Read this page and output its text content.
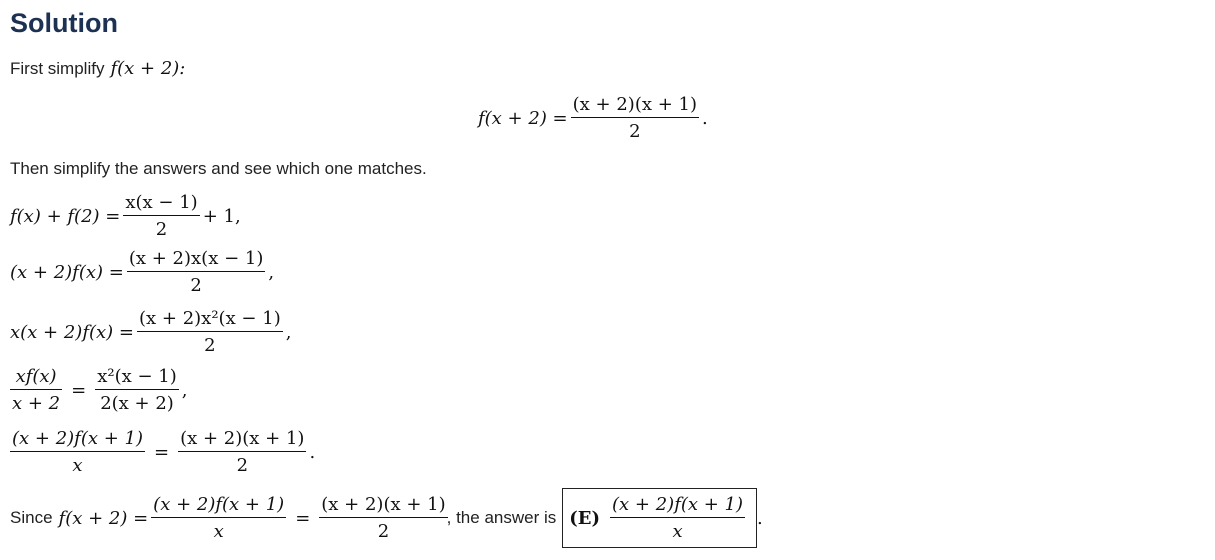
Solution
First simplify f(x + 2):
$f(x + 2) = \frac{(x + 2)(x + 1)}{2}$ .
Then simplify the answers and see which one matches.
$f(x) + f(2) = \frac{x(x - 1)}{2} + 1$,
$(x + 2)f(x) = \frac{(x + 2)x(x - 1)}{2}$ ,
$x(x + 2)f(x) = \frac{\text{(x + 2)x²(x − 1)}}{2}$ ,
$\frac{xf(x)}{x + 2} = \frac{\text{x²(x − 1)}}{2(x + 2)}$ ,
$\frac{(x + 2)f(x + 1)}{x} = \frac{(x + 2)(x + 1)}{2}$ .
Since $f(x + 2) = \frac{(x + 2)f(x + 1)}{x} = \frac{(x + 2)(x + 1)}{2}$ , the answer is $(E) \frac{(x + 2)f(x + 1)}{x}$ .
